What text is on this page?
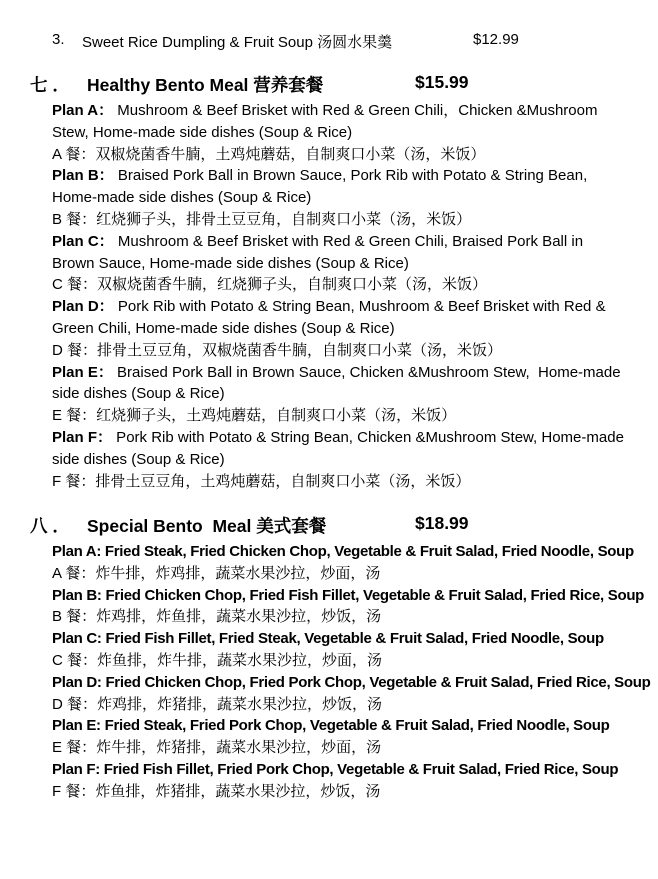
3. Sweet Rice Dumpling & Fruit Soup 汤圆水果羹	$12.99
七 ． Healthy Bento Meal 营养套餐	$15.99

Plan A： Mushroom & Beef Brisket with Red & Green Chili，Chicken &Mushroom Stew, Home-made side dishes (Soup & Rice)

A 餐：双椒烧菌香牛腩，土鸡炖蘑菇，自制爽口小菜（汤，米饭）

Plan B： Braised Pork Ball in Brown Sauce, Pork Rib with Potato & String Bean,  Home-made side dishes (Soup & Rice)

B 餐：红烧狮子头，排骨土豆豆角，自制爽口小菜（汤，米饭）

Plan C： Mushroom & Beef Brisket with Red & Green Chili, Braised Pork Ball in Brown Sauce, Home-made side dishes (Soup & Rice)

C 餐：双椒烧菌香牛腩，红烧狮子头，自制爽口小菜（汤，米饭）

Plan D： Pork Rib with Potato & String Bean, Mushroom & Beef Brisket with Red & Green Chili, Home-made side dishes (Soup & Rice)

D 餐：排骨土豆豆角，双椒烧菌香牛腩，自制爽口小菜（汤，米饭）

Plan E： Braised Pork Ball in Brown Sauce, Chicken &Mushroom Stew,  Home-made side dishes (Soup & Rice)

E 餐：红烧狮子头，土鸡炖蘑菇，自制爽口小菜（汤，米饭）

Plan F： Pork Rib with Potato & String Bean, Chicken &Mushroom Stew, Home-made side dishes (Soup & Rice)

F 餐：排骨土豆豆角，土鸡炖蘑菇，自制爽口小菜（汤，米饭）

八 ． Special Bento  Meal 美式套餐	$18.99

Plan A: Fried Steak, Fried Chicken Chop, Vegetable & Fruit Salad, Fried Noodle, Soup

A 餐：炸牛排，炸鸡排，蔬菜水果沙拉，炒面，汤

Plan B: Fried Chicken Chop, Fried Fish Fillet, Vegetable & Fruit Salad, Fried Rice, Soup

B 餐：炸鸡排，炸鱼排，蔬菜水果沙拉，炒饭，汤

Plan C: Fried Fish Fillet, Fried Steak, Vegetable & Fruit Salad, Fried Noodle, Soup

C 餐：炸鱼排，炸牛排，蔬菜水果沙拉，炒面，汤

Plan D: Fried Chicken Chop, Fried Pork Chop, Vegetable & Fruit Salad, Fried Rice, Soup

D 餐：炸鸡排，炸猪排，蔬菜水果沙拉，炒饭，汤

Plan E: Fried Steak, Fried Pork Chop, Vegetable & Fruit Salad, Fried Noodle, Soup

E 餐：炸牛排，炸猪排，蔬菜水果沙拉，炒面，汤

Plan F: Fried Fish Fillet, Fried Pork Chop, Vegetable & Fruit Salad, Fried Rice, Soup

F 餐：炸鱼排，炸猪排，蔬菜水果沙拉，炒饭，汤
